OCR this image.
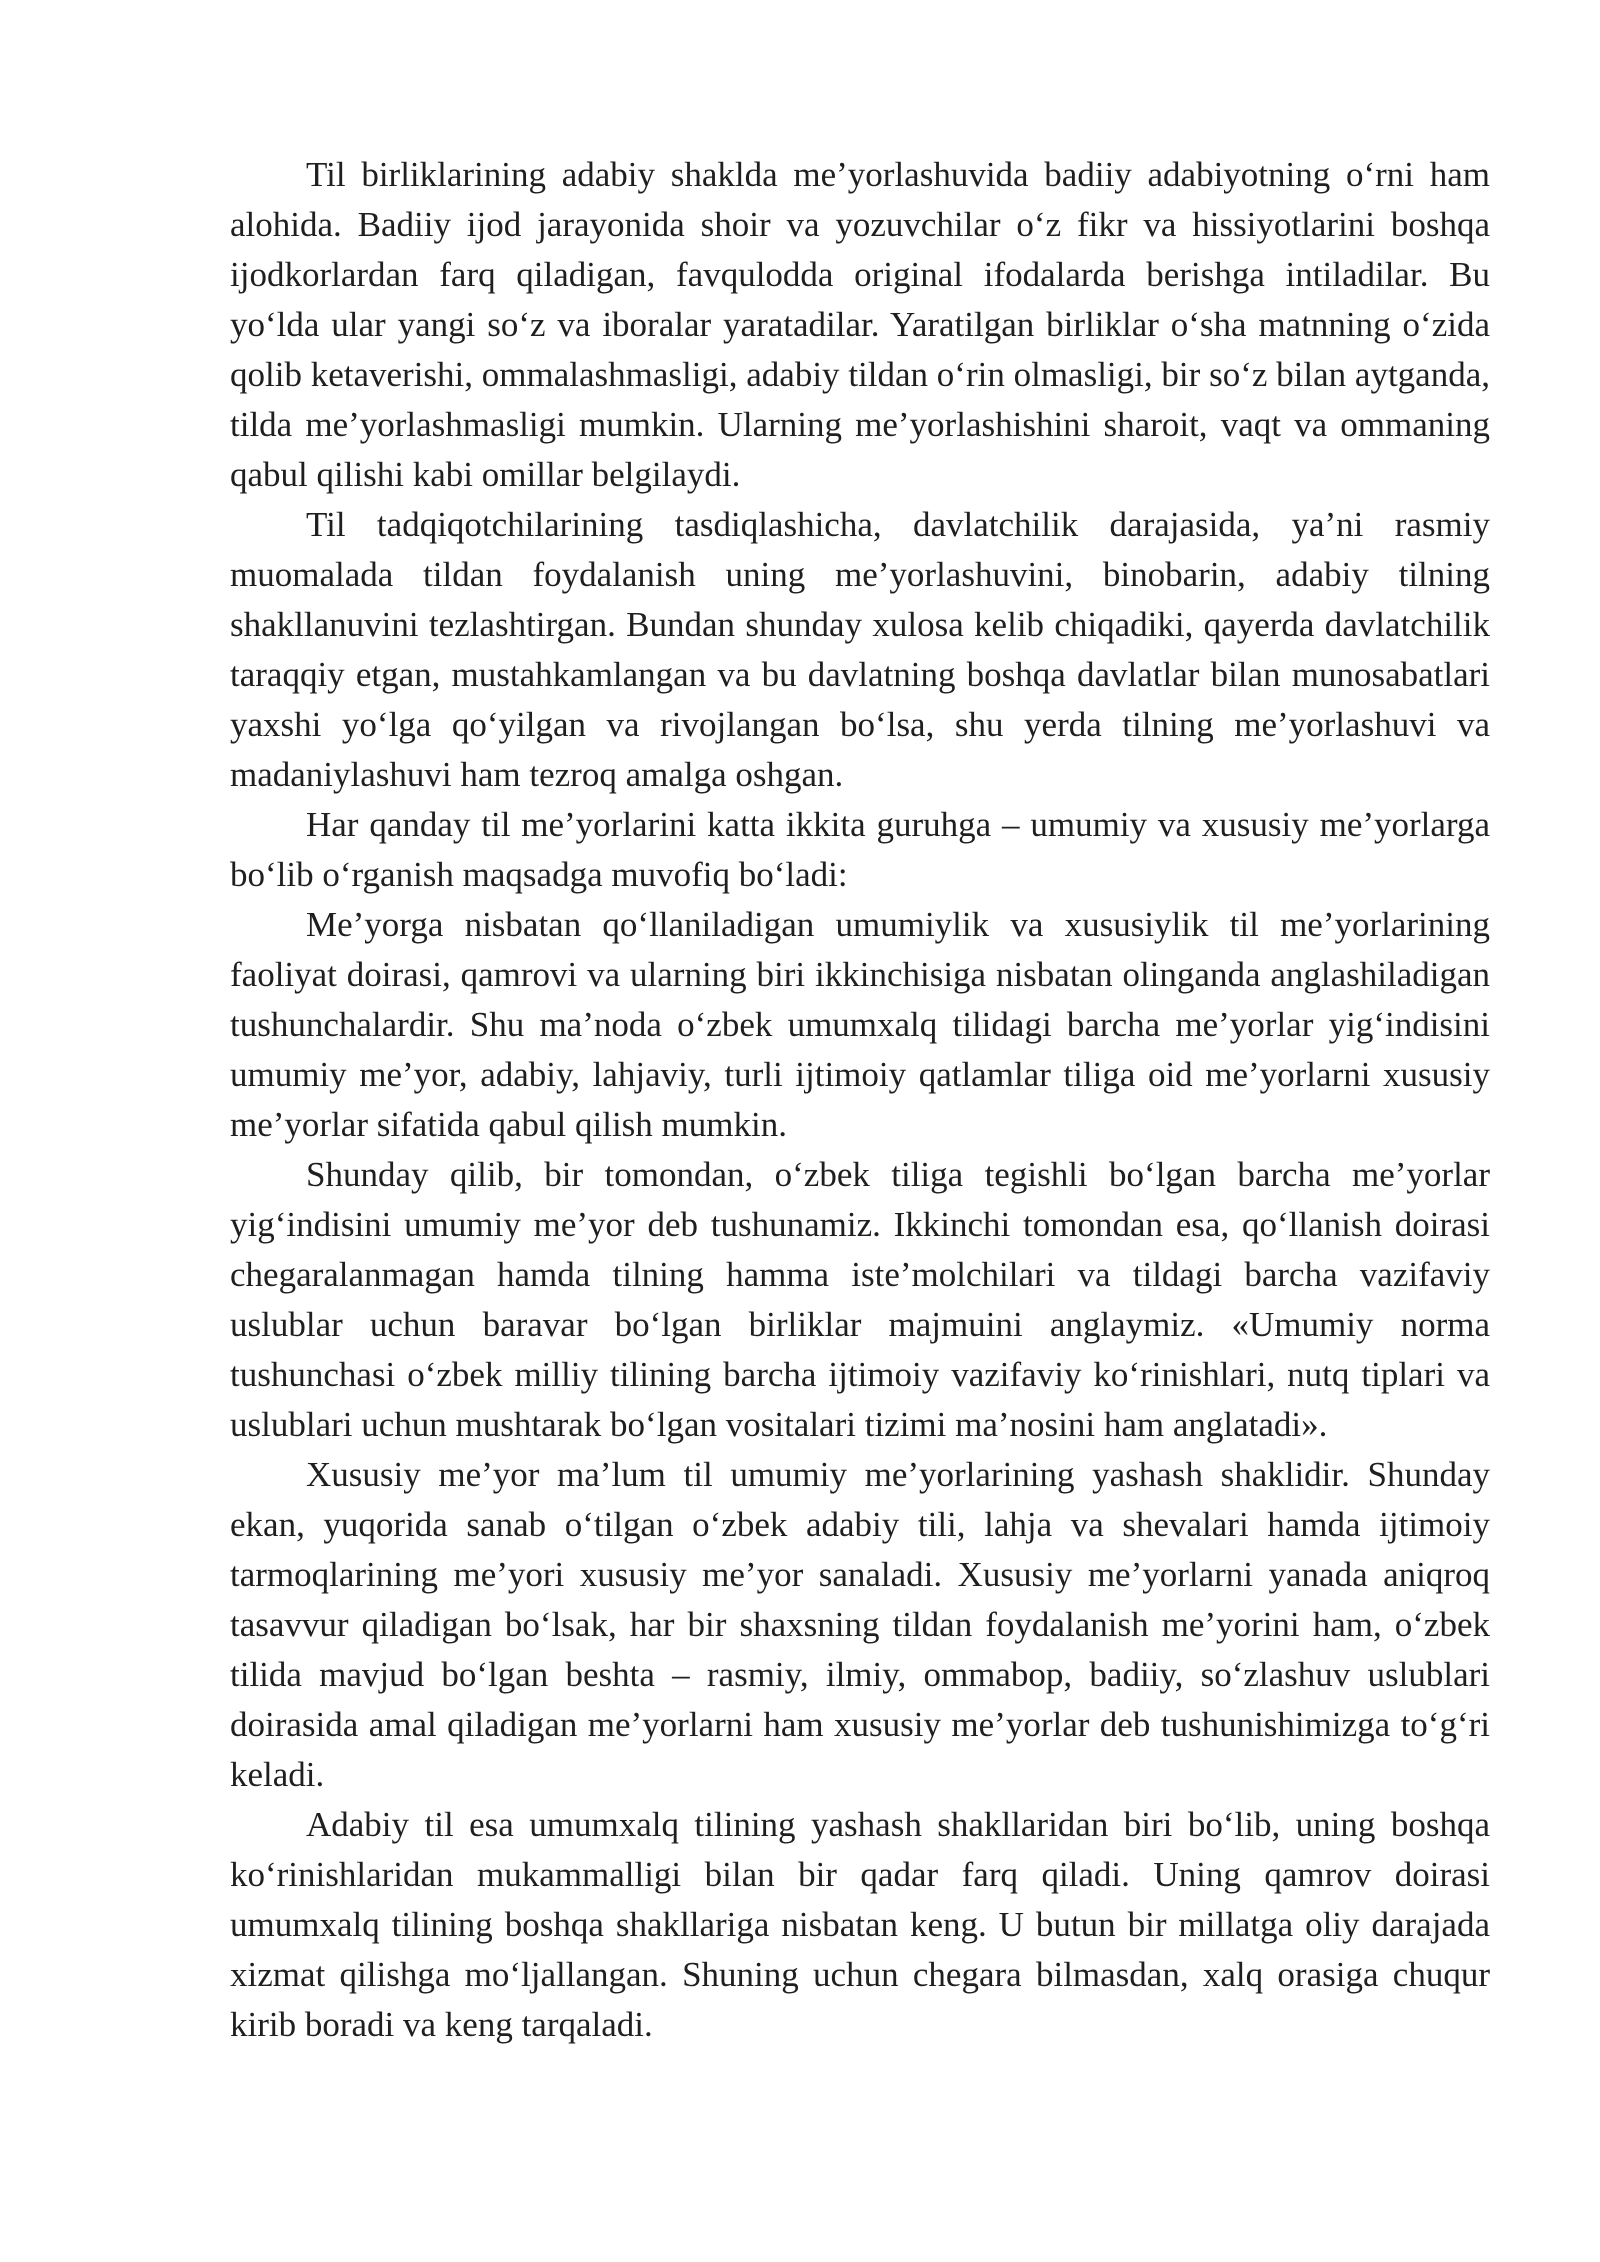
Til birliklarining adabiy shaklda me’yorlashuvida badiiy adabiyotning o‘rni ham alohida. Badiiy ijod jarayonida shoir va yozuvchilar o‘z fikr va hissiyotlarini boshqa ijodkorlardan farq qiladigan, favqulodda original ifodalarda berishga intiladilar. Bu yo‘lda ular yangi so‘z va iboralar yaratadilar. Yaratilgan birliklar o‘sha matnning o‘zida qolib ketaverishi, ommalashmasligi, adabiy tildan o‘rin olmasligi, bir so‘z bilan aytganda, tilda me’yorlashmasligi mumkin. Ularning me’yorlashishini sharoit, vaqt va ommaning qabul qilishi kabi omillar belgilaydi.

Til tadqiqotchilarining tasdiqlashicha, davlatchilik darajasida, ya’ni rasmiy muomalada tildan foydalanish uning me’yorlashuvini, binobarin, adabiy tilning shakllanuvini tezlashtirgan. Bundan shunday xulosa kelib chiqadiki, qayerda davlatchilik taraqqiy etgan, mustahkamlangan va bu davlatning boshqa davlatlar bilan munosabatlari yaxshi yo‘lga qo‘yilgan va rivojlangan bo‘lsa, shu yerda tilning me’yorlashuvi va madaniylashuvi ham tezroq amalga oshgan.

Har qanday til me’yorlarini katta ikkita guruhga – umumiy va xususiy me’yorlarga bo‘lib o‘rganish maqsadga muvofiq bo‘ladi:

Me’yorga nisbatan qo‘llaniladigan umumiylik va xususiylik til me’yorlarining faoliyat doirasi, qamrovi va ularning biri ikkinchisiga nisbatan olinganda anglashiladigan tushunchalardir. Shu ma’noda o‘zbek umumxalq tilidagi barcha me’yorlar yig‘indisini umumiy me’yor, adabiy, lahjaviy, turli ijtimoiy qatlamlar tiliga oid me’yorlarni xususiy me’yorlar sifatida qabul qilish mumkin.

Shunday qilib, bir tomondan, o‘zbek tiliga tegishli bo‘lgan barcha me’yorlar yig‘indisini umumiy me’yor deb tushunamiz. Ikkinchi tomondan esa, qo‘llanish doirasi chegaralanmagan hamda tilning hamma iste’molchilari va tildagi barcha vazifaviy uslublar uchun baravar bo‘lgan birliklar majmuini anglaymiz. «Umumiy norma tushunchasi o‘zbek milliy tilining barcha ijtimoiy vazifaviy ko‘rinishlari, nutq tiplari va uslublari uchun mushtarak bo‘lgan vositalari tizimi ma’nosini ham anglatadi».

Xususiy me’yor ma’lum til umumiy me’yorlarining yashash shaklidir. Shunday ekan, yuqorida sanab o‘tilgan o‘zbek adabiy tili, lahja va shevalari hamda ijtimoiy tarmoqlarining me’yori xususiy me’yor sanaladi. Xususiy me’yorlarni yanada aniqroq tasavvur qiladigan bo‘lsak, har bir shaxsning tildan foydalanish me’yorini ham, o‘zbek tilida mavjud bo‘lgan beshta – rasmiy, ilmiy, ommabop, badiiy, so‘zlashuv uslublari doirasida amal qiladigan me’yorlarni ham xususiy me’yorlar deb tushunishimizga to‘g‘ri keladi.

Adabiy til esa umumxalq tilining yashash shakllaridan biri bo‘lib, uning boshqa ko‘rinishlaridan mukammalligi bilan bir qadar farq qiladi. Uning qamrov doirasi umumxalq tilining boshqa shakllariga nisbatan keng. U butun bir millatga oliy darajada xizmat qilishga mo‘ljallangan. Shuning uchun chegara bilmasdan, xalq orasiga chuqur kirib boradi va keng tarqaladi.
